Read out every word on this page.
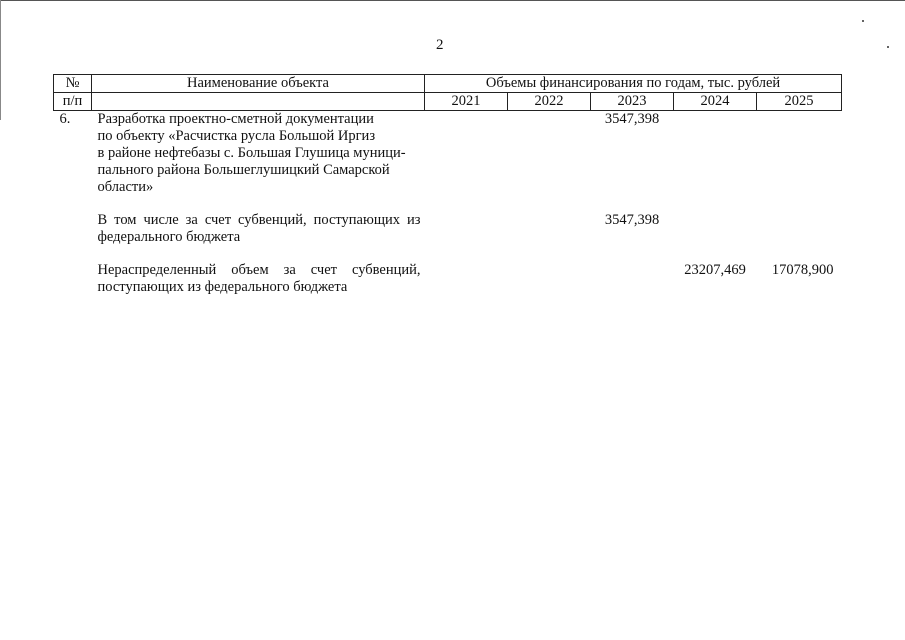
2
№	Наименование объекта	Объемы финансирования по годам, тыс. рублей				
п/п		2021	2022	2023	2024	2025
6.	Разработка проектно-сметной документации
по объекту «Расчистка русла Большой Иргиз
в районе нефтебазы с. Большая Глушица муници-
пального района Большеглушицкий Самарской
области»			3547,398		

	В том числе за счет субвенций, поступающих из федерального бюджета			3547,398		

	Нераспределенный объем за счет субвенций, поступающих из федерального бюджета				23207,469	17078,900
